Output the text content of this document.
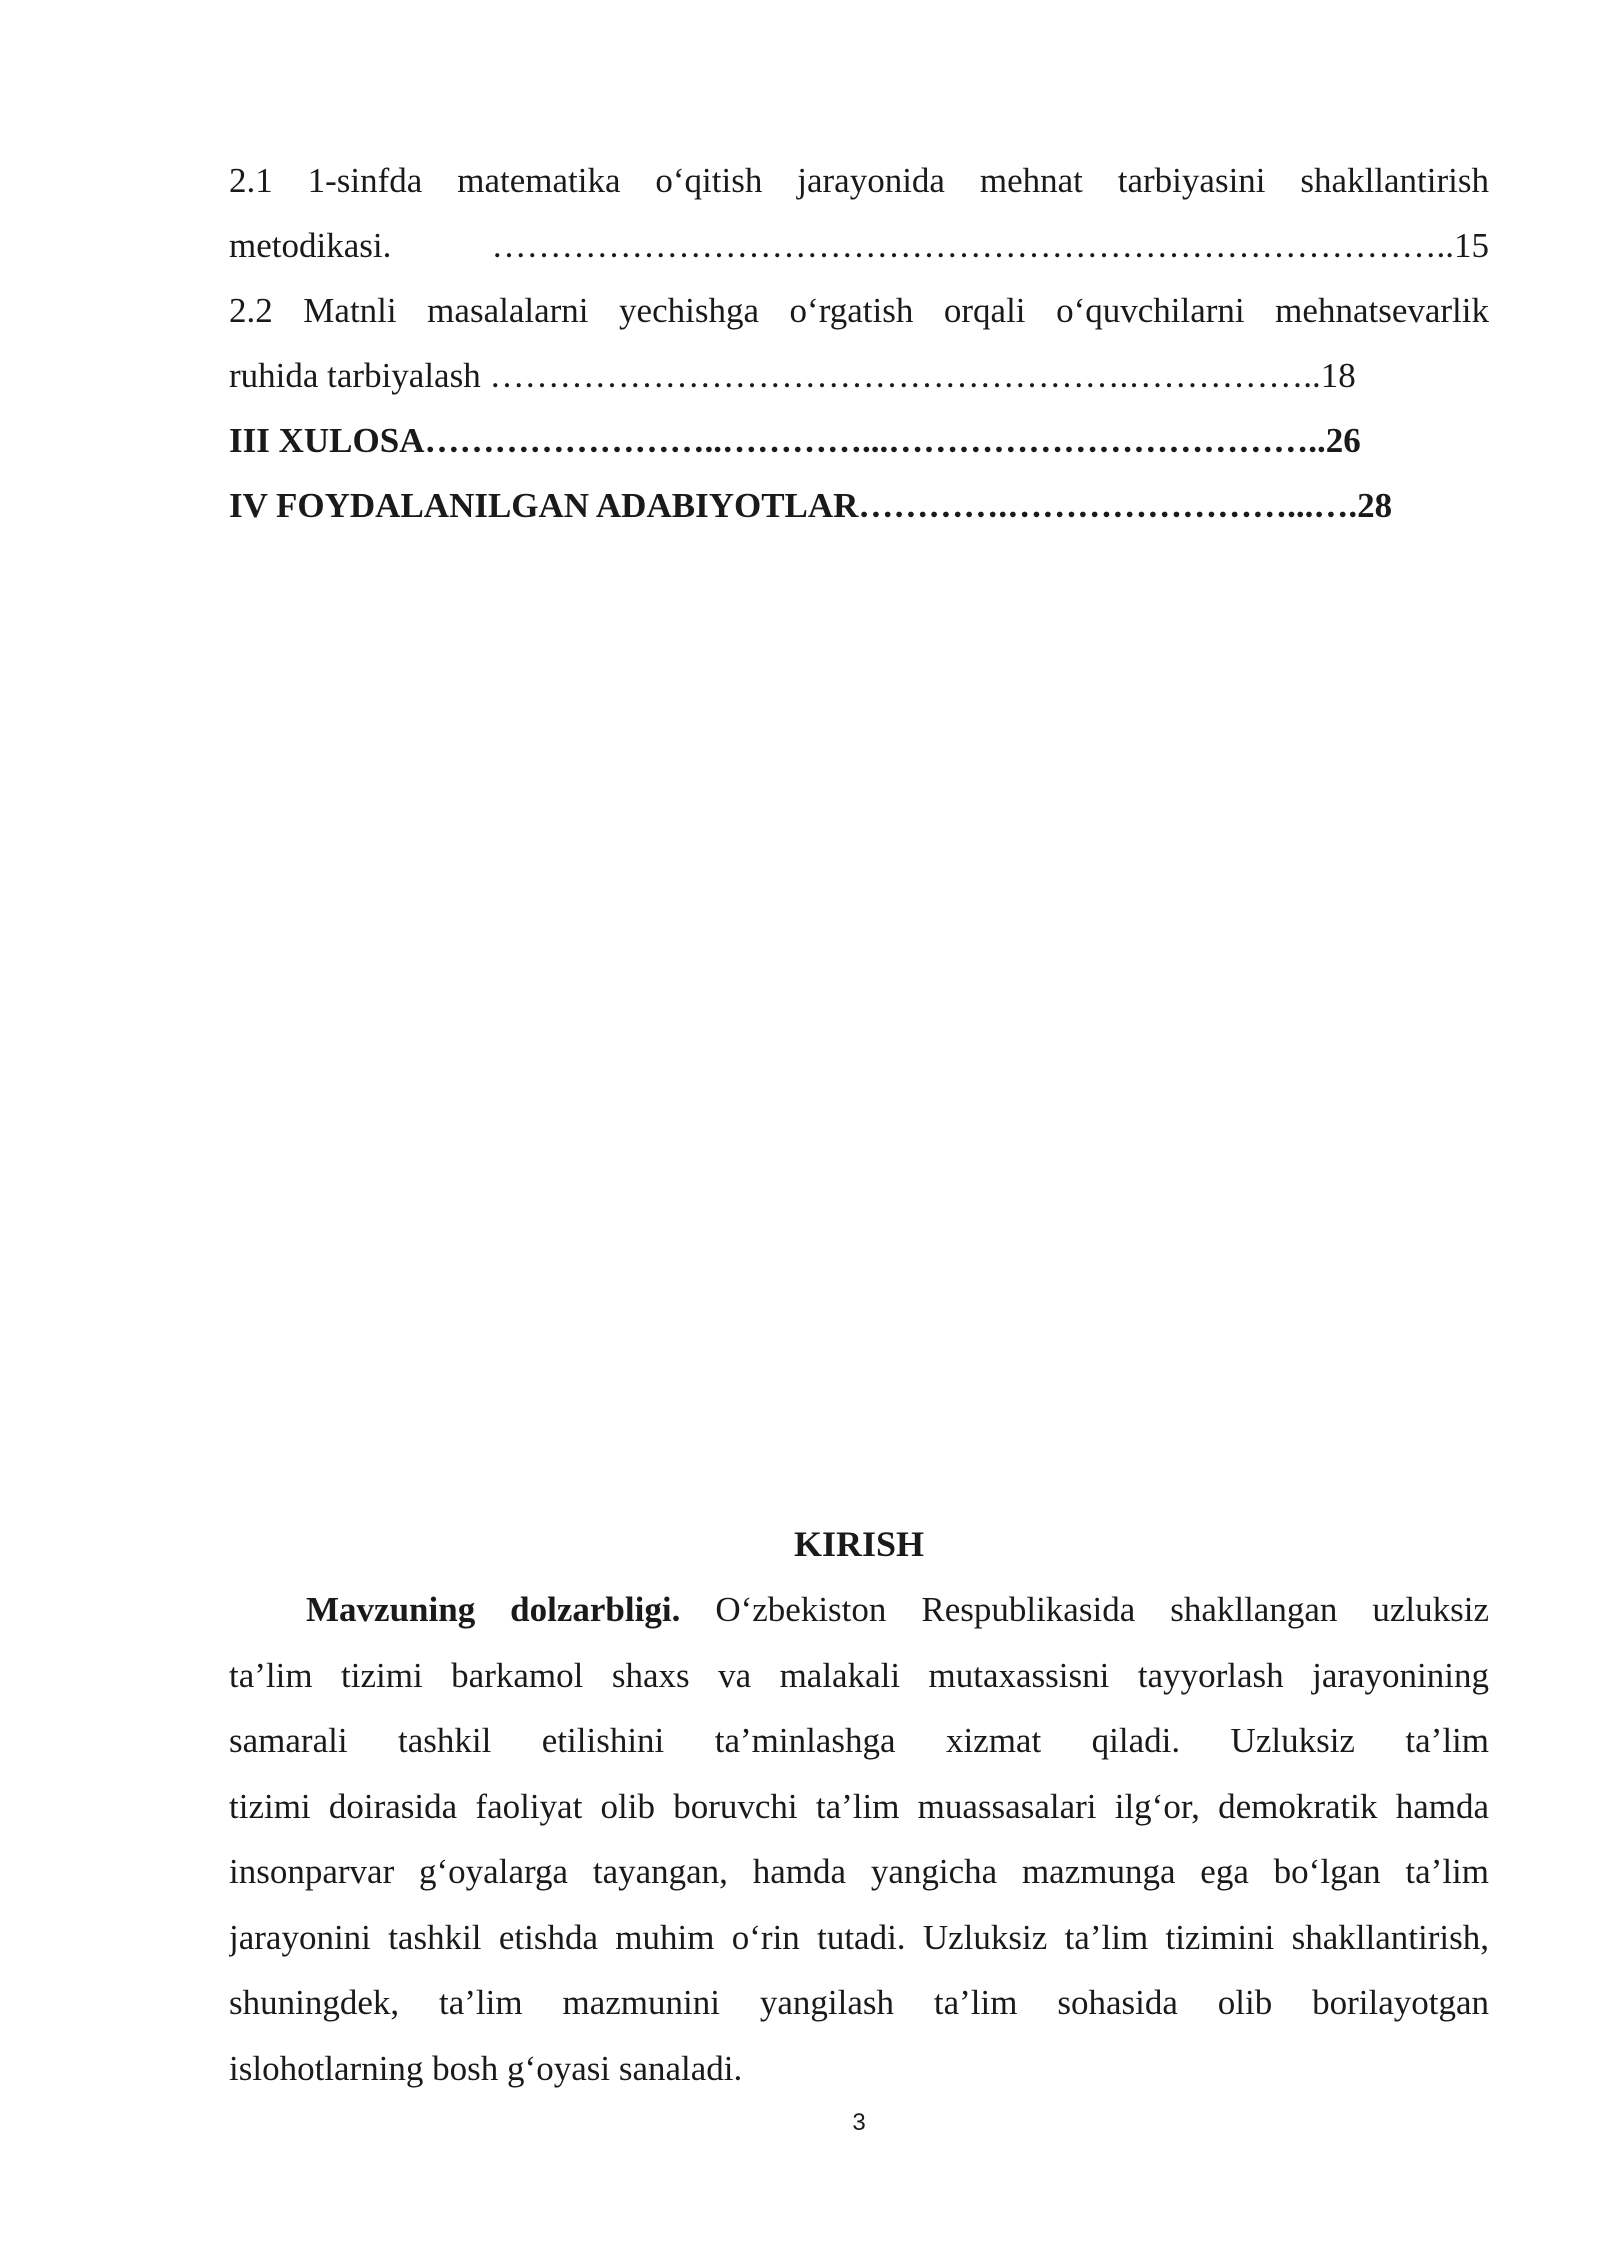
2.1 1-sinfda matematika o‘qitish jarayonida mehnat tarbiyasini shakllantirish
metodikasi. ………………………………………………………………………..15
2.2 Matnli masalalarni yechishga o‘rgatish orqali o‘quvchilarni mehnatsevarlik
ruhida tarbiyalash ……………………………………………….……………..18
III XULOSA……………………..…………...………………………………..26
IV FOYDALANILGAN ADABIYOTLAR………….……………………...….28
KIRISH
Mavzuning dolzarbligi. O‘zbekiston Respublikasida shakllangan uzluksiz
ta’lim tizimi barkamol shaxs va malakali mutaxassisni tayyorlash jarayonining
samarali tashkil etilishini ta’minlashga xizmat qiladi. Uzluksiz ta’lim
tizimi doirasida faoliyat olib boruvchi ta’lim muassasalari ilg‘or, demokratik hamda
insonparvar g‘oyalarga tayangan, hamda yangicha mazmunga ega bo‘lgan ta’lim
jarayonini tashkil etishda muhim o‘rin tutadi. Uzluksiz ta’lim tizimini shakllantirish,
shuningdek, ta’lim mazmunini yangilash ta’lim sohasida olib borilayotgan
islohotlarning bosh g‘oyasi sanaladi.
3
